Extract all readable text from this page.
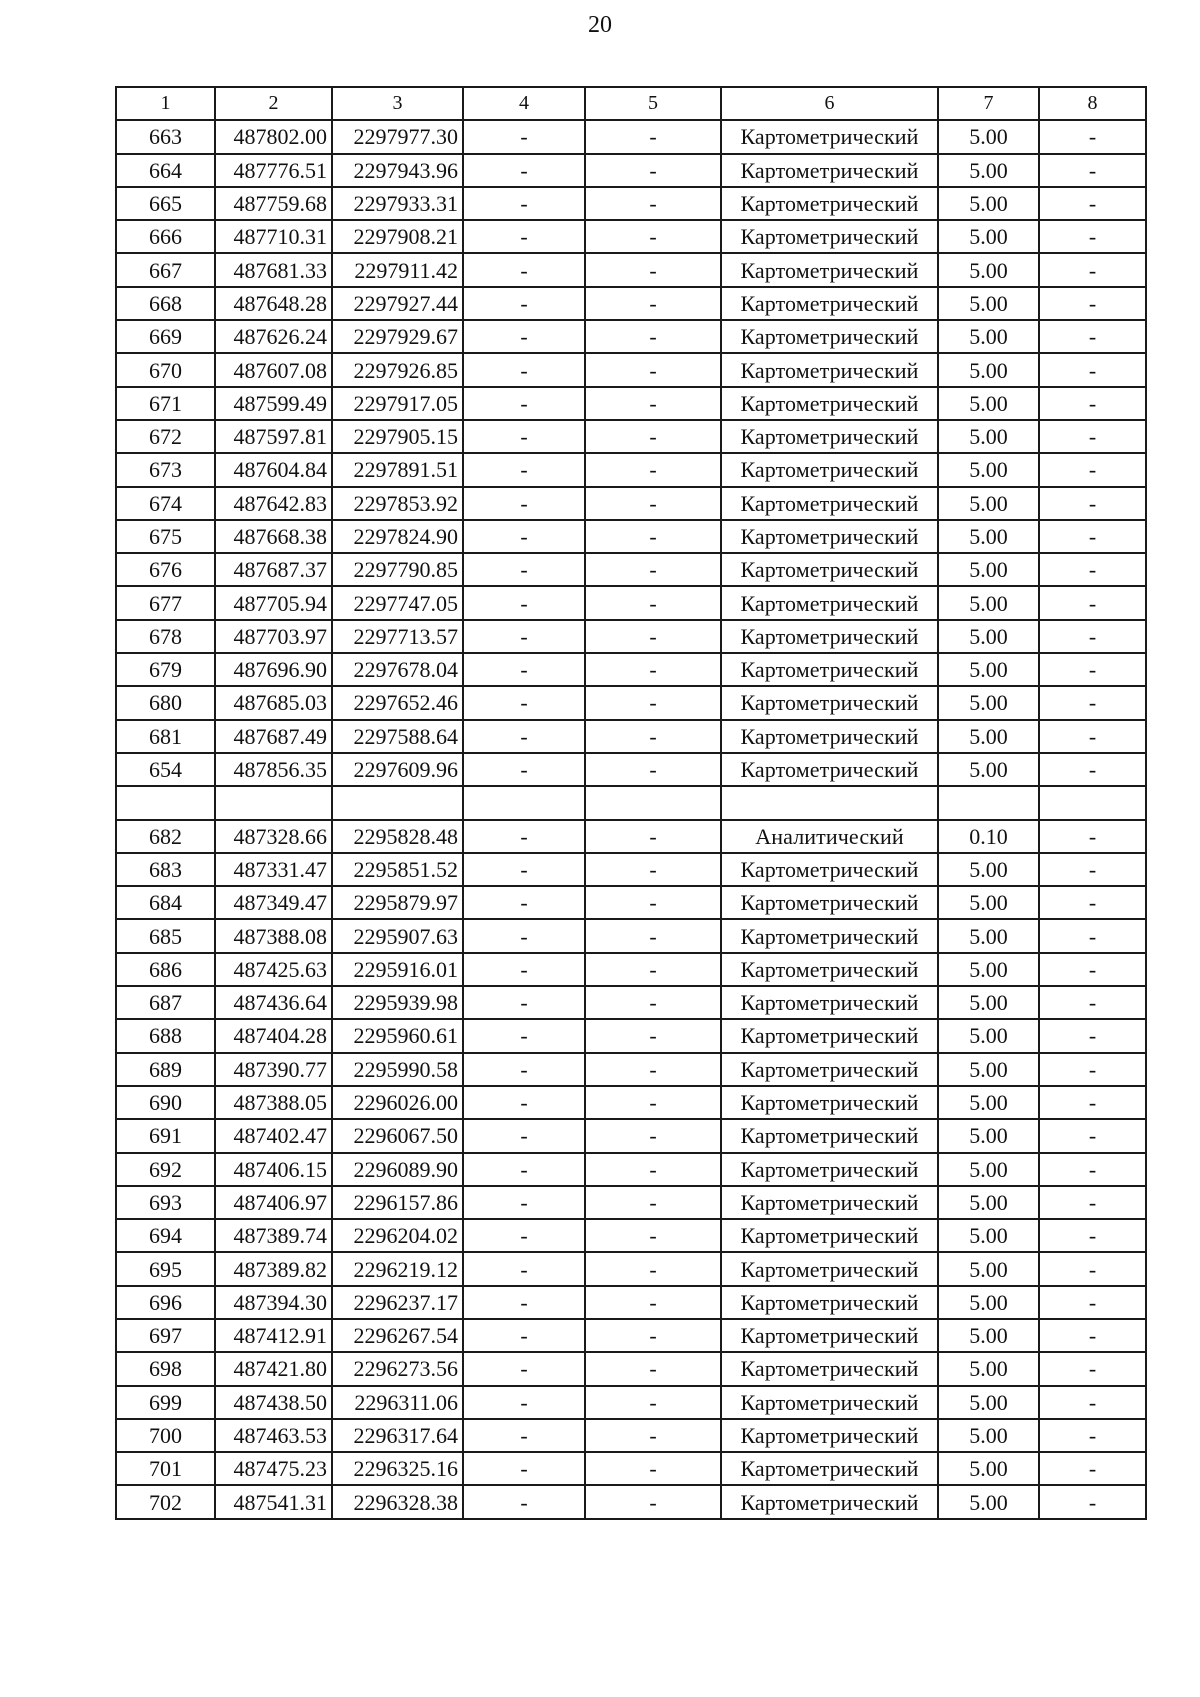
20
1	2	3	4	5	6	7	8
663	487802.00	2297977.30	-	-	Картометрический	5.00	-
664	487776.51	2297943.96	-	-	Картометрический	5.00	-
665	487759.68	2297933.31	-	-	Картометрический	5.00	-
666	487710.31	2297908.21	-	-	Картометрический	5.00	-
667	487681.33	2297911.42	-	-	Картометрический	5.00	-
668	487648.28	2297927.44	-	-	Картометрический	5.00	-
669	487626.24	2297929.67	-	-	Картометрический	5.00	-
670	487607.08	2297926.85	-	-	Картометрический	5.00	-
671	487599.49	2297917.05	-	-	Картометрический	5.00	-
672	487597.81	2297905.15	-	-	Картометрический	5.00	-
673	487604.84	2297891.51	-	-	Картометрический	5.00	-
674	487642.83	2297853.92	-	-	Картометрический	5.00	-
675	487668.38	2297824.90	-	-	Картометрический	5.00	-
676	487687.37	2297790.85	-	-	Картометрический	5.00	-
677	487705.94	2297747.05	-	-	Картометрический	5.00	-
678	487703.97	2297713.57	-	-	Картометрический	5.00	-
679	487696.90	2297678.04	-	-	Картометрический	5.00	-
680	487685.03	2297652.46	-	-	Картометрический	5.00	-
681	487687.49	2297588.64	-	-	Картометрический	5.00	-
654	487856.35	2297609.96	-	-	Картометрический	5.00	-

682	487328.66	2295828.48	-	-	Аналитический	0.10	-
683	487331.47	2295851.52	-	-	Картометрический	5.00	-
684	487349.47	2295879.97	-	-	Картометрический	5.00	-
685	487388.08	2295907.63	-	-	Картометрический	5.00	-
686	487425.63	2295916.01	-	-	Картометрический	5.00	-
687	487436.64	2295939.98	-	-	Картометрический	5.00	-
688	487404.28	2295960.61	-	-	Картометрический	5.00	-
689	487390.77	2295990.58	-	-	Картометрический	5.00	-
690	487388.05	2296026.00	-	-	Картометрический	5.00	-
691	487402.47	2296067.50	-	-	Картометрический	5.00	-
692	487406.15	2296089.90	-	-	Картометрический	5.00	-
693	487406.97	2296157.86	-	-	Картометрический	5.00	-
694	487389.74	2296204.02	-	-	Картометрический	5.00	-
695	487389.82	2296219.12	-	-	Картометрический	5.00	-
696	487394.30	2296237.17	-	-	Картометрический	5.00	-
697	487412.91	2296267.54	-	-	Картометрический	5.00	-
698	487421.80	2296273.56	-	-	Картометрический	5.00	-
699	487438.50	2296311.06	-	-	Картометрический	5.00	-
700	487463.53	2296317.64	-	-	Картометрический	5.00	-
701	487475.23	2296325.16	-	-	Картометрический	5.00	-
702	487541.31	2296328.38	-	-	Картометрический	5.00	-
